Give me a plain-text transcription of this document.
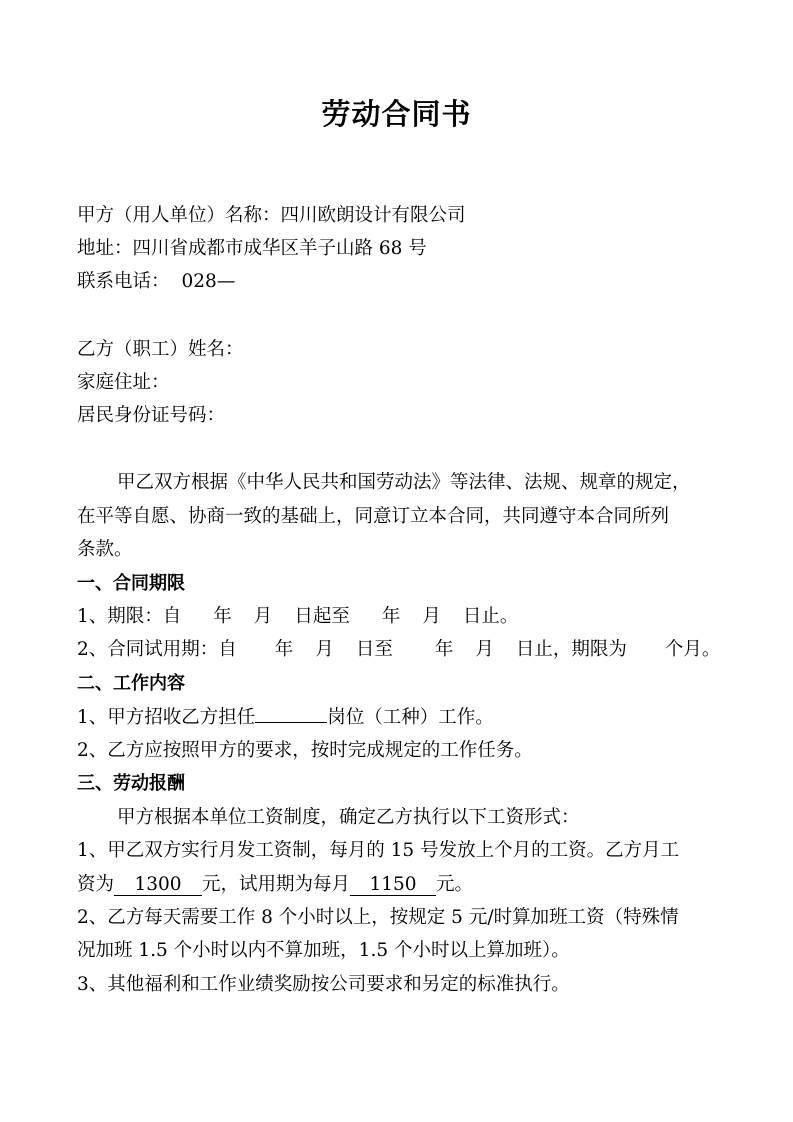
劳动合同书
甲方（用人单位）名称：四川欧朗设计有限公司
地址：四川省成都市成华区羊子山路 68 号
联系电话： 028—
乙方（职工）姓名：
家庭住址：
居民身份证号码：
甲乙双方根据《中华人民共和国劳动法》等法律、法规、规章的规定，
在平等自愿、协商一致的基础上，同意订立本合同，共同遵守本合同所列
条款。
一、合同期限
1、期限：自 年 月 日起至 年 月 日止。
2、合同试用期：自 年 月 日至 年 月 日止，期限为 个月。
二、工作内容
1、甲方招收乙方担任	岗位（工种）工作。
2、乙方应按照甲方的要求，按时完成规定的工作任务。
三、劳动报酬
甲方根据本单位工资制度，确定乙方执行以下工资形式：
1、甲乙双方实行月发工资制，每月的 15 号发放上个月的工资。乙方月工
资为 1300 元，试用期为每月 1150 元。
2、乙方每天需要工作 8 个小时以上，按规定 5 元/时算加班工资（特殊情
况加班 1.5 个小时以内不算加班，1.5 个小时以上算加班）。
3、其他福利和工作业绩奖励按公司要求和另定的标准执行。
